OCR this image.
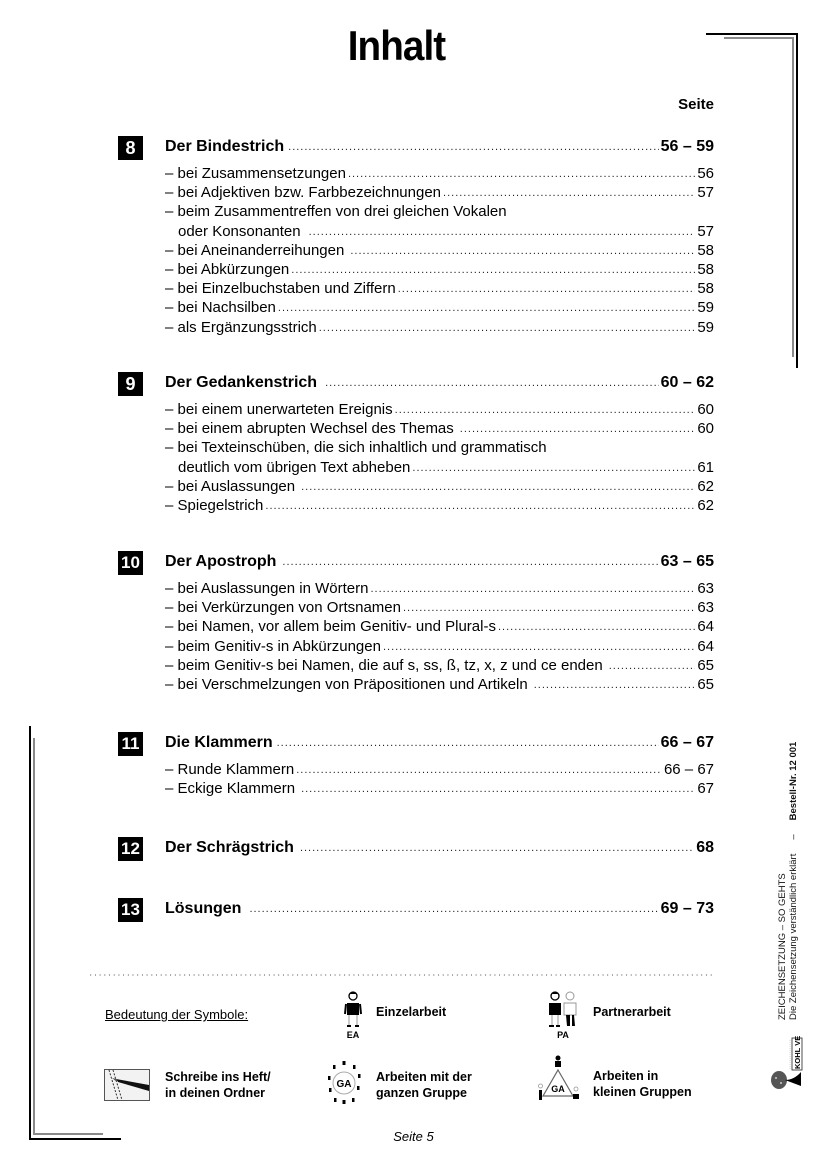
Inhalt
Seite
8	Der Bindestrich .....	56 – 59
– bei Zusammensetzungen .....	56
– bei Adjektiven bzw. Farbbezeichnungen .....	57
– beim Zusammentreffen von drei gleichen Vokalen
oder Konsonanten .....	57
– bei Aneinanderreihungen .....	58
– bei Abkürzungen .....	58
– bei Einzelbuchstaben und Ziffern .....	58
– bei Nachsilben .....	59
– als Ergänzungsstrich .....	59
9	Der Gedankenstrich .....	60 – 62
– bei einem unerwarteten Ereignis .....	60
– bei einem abrupten Wechsel des Themas .....	60
– bei Texteinschüben, die sich inhaltlich und grammatisch
deutlich vom übrigen Text abheben .....	61
– bei Auslassungen .....	62
– Spiegelstrich .....	62
10 Der Apostroph .....	63 – 65
– bei Auslassungen in Wörtern .....	63
– bei Verkürzungen von Ortsnamen .....	63
– bei Namen, vor allem beim Genitiv- und Plural-s .....	64
– beim Genitiv-s in Abkürzungen .....	64
– beim Genitiv-s bei Namen, die auf s, ss, ß, tz, x, z und ce enden .....	65
– bei Verschmelzungen von Präpositionen und Artikeln .....	65
11 Die Klammern .....	66 – 67
– Runde Klammern .....	66 – 67
– Eckige Klammern .....	67
12 Der Schrägstrich .....	68
13 Lösungen .....	69 – 73
•••••
Bedeutung der Symbole:
EA
Einzelarbeit
PA
Partnerarbeit
Schreibe ins Heft/
in deinen Ordner
GA
Arbeiten mit der
ganzen Gruppe	GA
Arbeiten in
kleinen Gruppen
Seite 5
ZEICHENSETZUNG – SO GEHTS Die Zeichensetzung verständlich erklärt–Bestell-Nr. 12 001
KOHL VERLAG
